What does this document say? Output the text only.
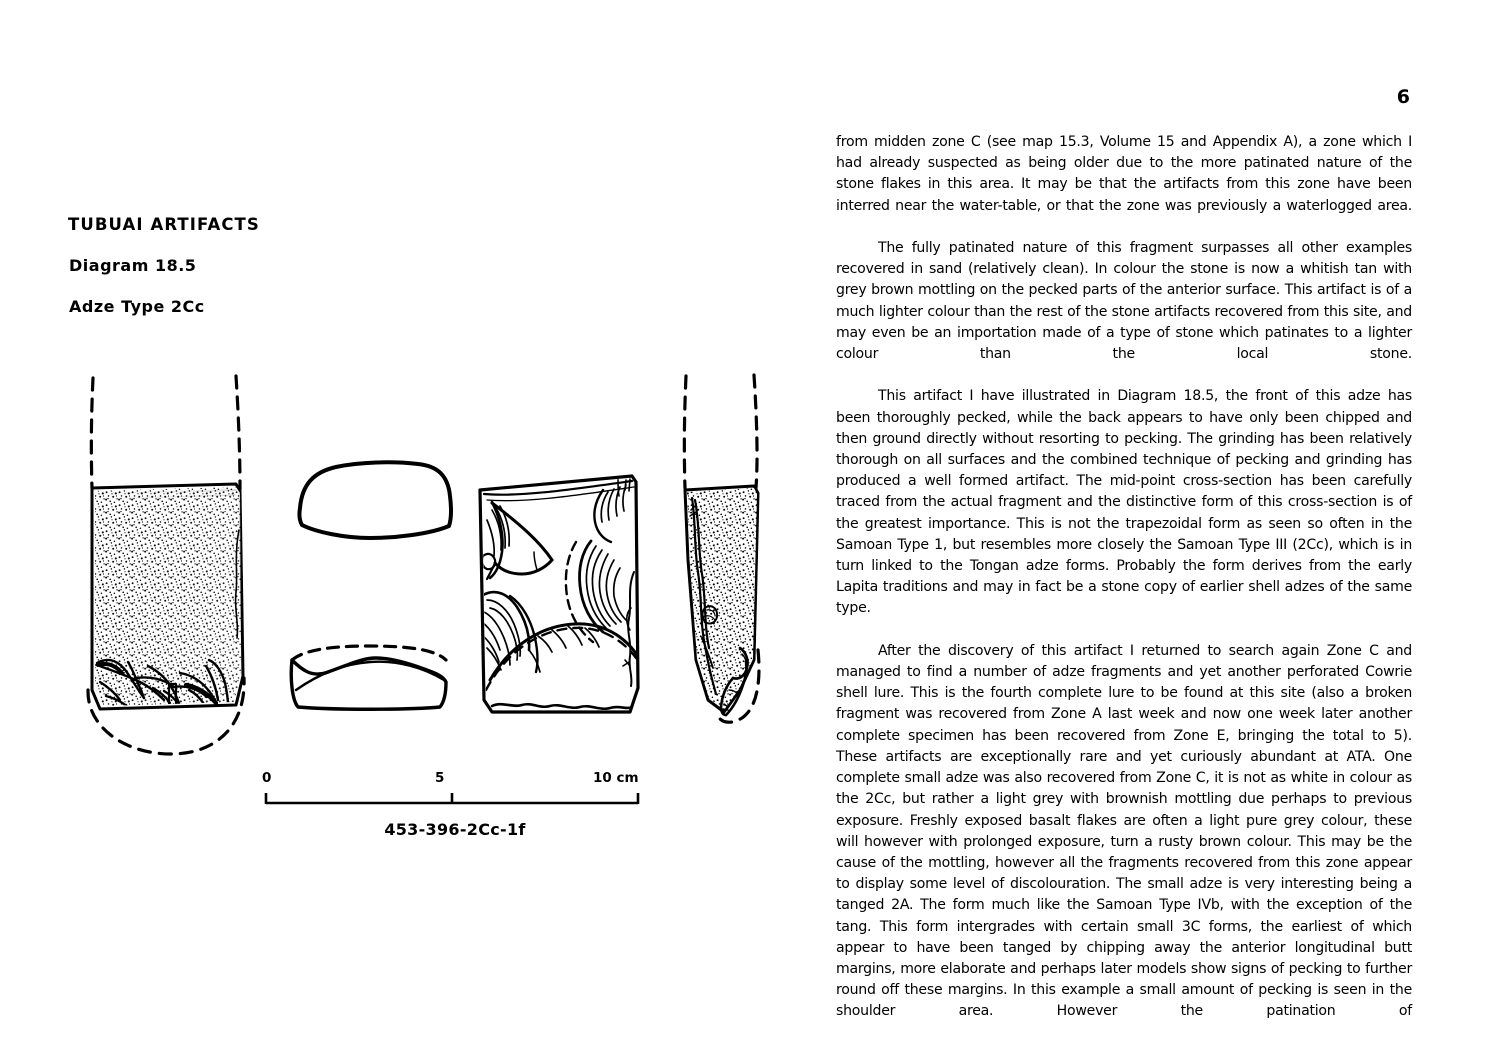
6
TUBUAI ARTIFACTS
Diagram 18.5
Adze Type 2Cc
0	5	10 cm
453-396-2Cc-1f

from midden zone C (see map 15.3, Volume 15 and Appendix A), a zone which I had already suspected as being older due to the more patinated nature of the stone flakes in this area. It may be that the artifacts from this zone have been interred near the water-table, or that the zone was previously a waterlogged area.

The fully patinated nature of this fragment surpasses all other examples recovered in sand (relatively clean). In colour the stone is now a whitish tan with grey brown mottling on the pecked parts of the anterior surface. This artifact is of a much lighter colour than the rest of the stone artifacts recovered from this site, and may even be an importation made of a type of stone which patinates to a lighter colour than the local stone.

This artifact I have illustrated in Diagram 18.5, the front of this adze has been thoroughly pecked, while the back appears to have only been chipped and then ground directly without resorting to pecking. The grinding has been relatively thorough on all surfaces and the combined technique of pecking and grinding has produced a well formed artifact. The mid-point cross-section has been carefully traced from the actual fragment and the distinctive form of this cross-section is of the greatest importance. This is not the trapezoidal form as seen so often in the Samoan Type 1, but resembles more closely the Samoan Type III (2Cc), which is in turn linked to the Tongan adze forms. Probably the form derives from the early Lapita traditions and may in fact be a stone copy of earlier shell adzes of the same type.

After the discovery of this artifact I returned to search again Zone C and managed to find a number of adze fragments and yet another perforated Cowrie shell lure. This is the fourth complete lure to be found at this site (also a broken fragment was recovered from Zone A last week and now one week later another complete specimen has been recovered from Zone E, bringing the total to 5). These artifacts are exceptionally rare and yet curiously abundant at ATA. One complete small adze was also recovered from Zone C, it is not as white in colour as the 2Cc, but rather a light grey with brownish mottling due perhaps to previous exposure. Freshly exposed basalt flakes are often a light pure grey colour, these will however with prolonged exposure, turn a rusty brown colour. This may be the cause of the mottling, however all the fragments recovered from this zone appear to display some level of discolouration. The small adze is very interesting being a tanged 2A. The form much like the Samoan Type IVb, with the exception of the tang. This form intergrades with certain small 3C forms, the earliest of which appear to have been tanged by chipping away the anterior longitudinal butt margins, more elaborate and perhaps later models show signs of pecking to further round off these margins. In this example a small amount of pecking is seen in the shoulder area. However the patination of
